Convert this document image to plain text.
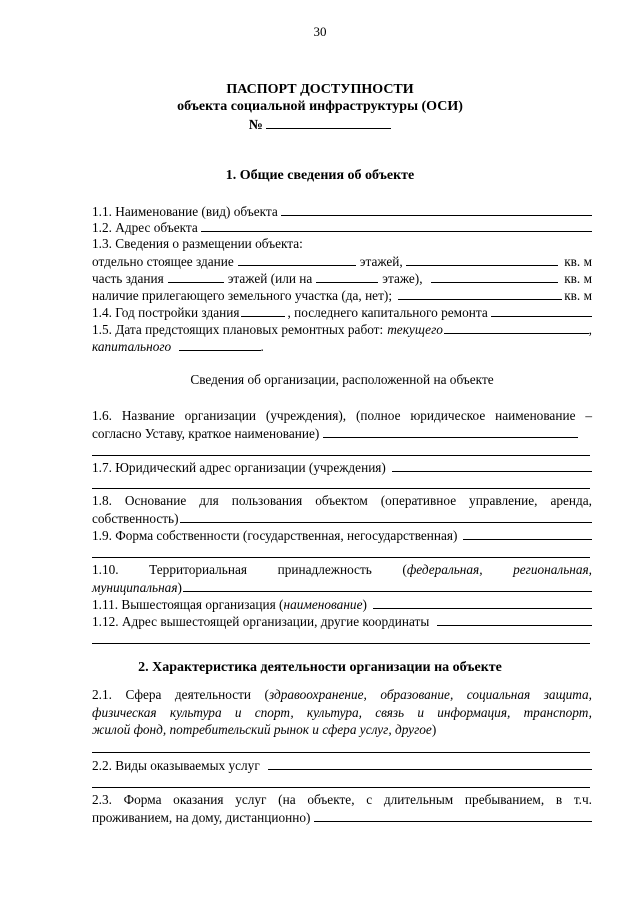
30
ПАСПОРТ ДОСТУПНОСТИ
объекта социальной инфраструктуры (ОСИ)
№
1. Общие сведения об объекте
1.1. Наименование (вид) объекта
1.2. Адрес объекта
1.3. Сведения о размещении объекта:
отдельно стоящее здание	этажей,	кв. м
часть здания	этажей (или на	этаже),	кв. м
наличие прилегающего земельного участка (да, нет);	кв. м
1.4. Год постройки здания	, последнего капитального ремонта
1.5. Дата предстоящих плановых ремонтных работ: текущего	,
капитального	.
Сведения об организации, расположенной на объекте
1.6. Название организации (учреждения), (полное юридическое наименование –
согласно Уставу, краткое наименование)
1.7. Юридический адрес организации (учреждения)
1.8. Основание для пользования объектом (оперативное управление, аренда,
собственность)
1.9. Форма собственности (государственная, негосударственная)
1.10. Территориальная принадлежность (федеральная, региональная,
муниципальная )
1.11. Вышестоящая организация ( наименование )
1.12. Адрес вышестоящей организации, другие координаты
2. Характеристика деятельности организации на объекте
2.1. Сфера деятельности (здравоохранение, образование, социальная защита,
физическая культура и спорт, культура, связь и информация, транспорт,
жилой фонд, потребительский рынок и сфера услуг, другое)
2.2. Виды оказываемых услуг
2.3. Форма оказания услуг (на объекте, с длительным пребыванием, в т.ч.
проживанием, на дому, дистанционно)
